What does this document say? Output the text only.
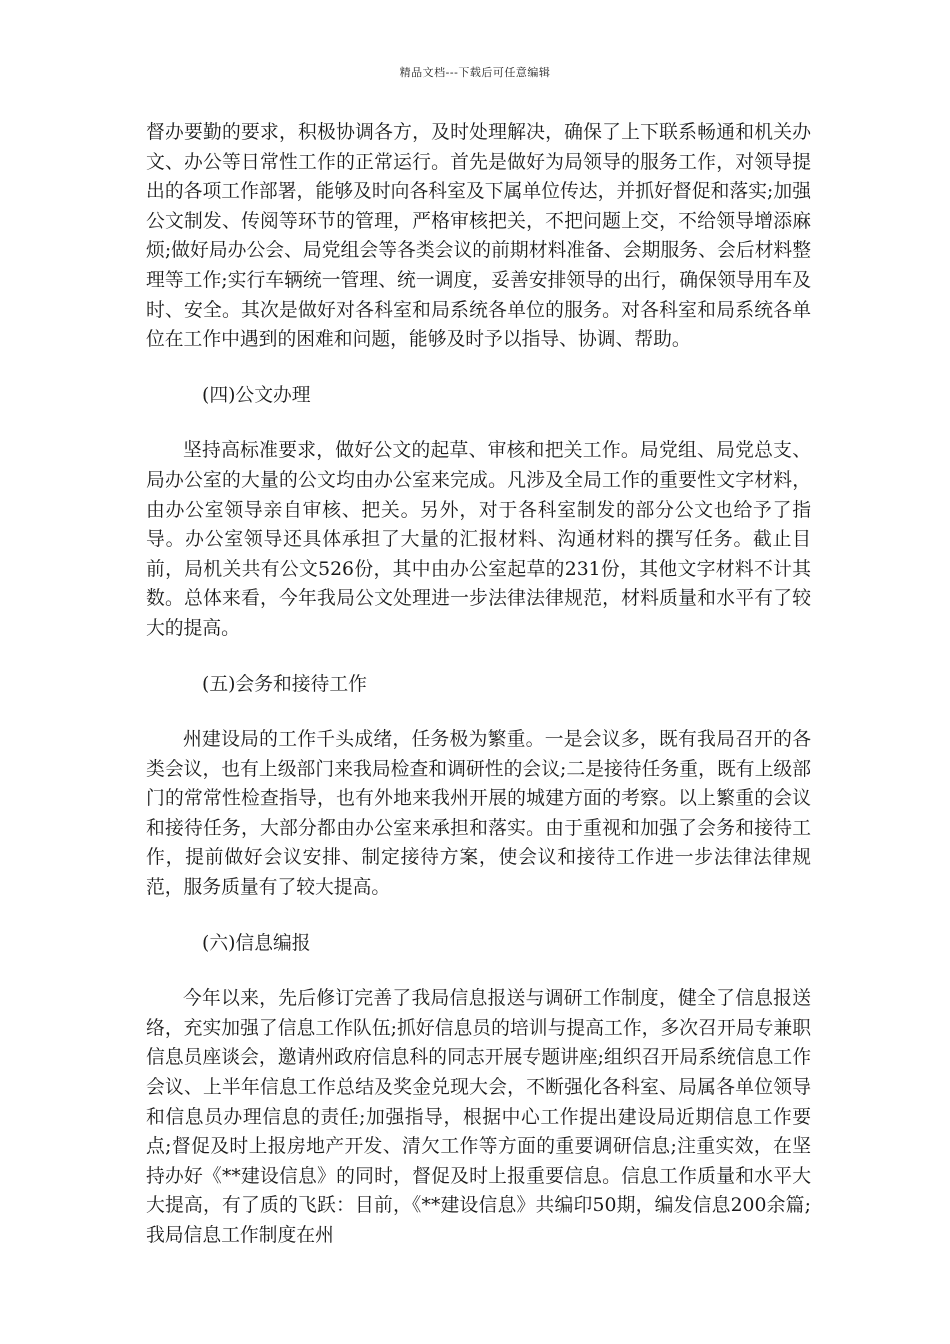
精品文档---下载后可任意编辑

督办要勤的要求，积极协调各方，及时处理解决，确保了上下联系畅通和机关办文、办公等日常性工作的正常运行。首先是做好为局领导的服务工作，对领导提出的各项工作部署，能够及时向各科室及下属单位传达，并抓好督促和落实;加强公文制发、传阅等环节的管理，严格审核把关，不把问题上交，不给领导增添麻烦;做好局办公会、局党组会等各类会议的前期材料准备、会期服务、会后材料整理等工作;实行车辆统一管理、统一调度，妥善安排领导的出行，确保领导用车及时、安全。其次是做好对各科室和局系统各单位的服务。对各科室和局系统各单位在工作中遇到的困难和问题，能够及时予以指导、协调、帮助。

(四)公文办理

坚持高标准要求，做好公文的起草、审核和把关工作。局党组、局党总支、局办公室的大量的公文均由办公室来完成。凡涉及全局工作的重要性文字材料，由办公室领导亲自审核、把关。另外，对于各科室制发的部分公文也给予了指导。办公室领导还具体承担了大量的汇报材料、沟通材料的撰写任务。截止目前，局机关共有公文526份，其中由办公室起草的231份，其他文字材料不计其数。总体来看，今年我局公文处理进一步法律法律规范，材料质量和水平有了较大的提高。

(五)会务和接待工作

州建设局的工作千头成绪，任务极为繁重。一是会议多，既有我局召开的各类会议，也有上级部门来我局检查和调研性的会议;二是接待任务重，既有上级部门的常常性检查指导，也有外地来我州开展的城建方面的考察。以上繁重的会议和接待任务，大部分都由办公室来承担和落实。由于重视和加强了会务和接待工作，提前做好会议安排、制定接待方案，使会议和接待工作进一步法律法律规范，服务质量有了较大提高。

(六)信息编报

今年以来，先后修订完善了我局信息报送与调研工作制度，健全了信息报送络，充实加强了信息工作队伍;抓好信息员的培训与提高工作，多次召开局专兼职信息员座谈会，邀请州政府信息科的同志开展专题讲座;组织召开局系统信息工作会议、上半年信息工作总结及奖金兑现大会，不断强化各科室、局属各单位领导和信息员办理信息的责任;加强指导，根据中心工作提出建设局近期信息工作要点;督促及时上报房地产开发、清欠工作等方面的重要调研信息;注重实效，在坚持办好《**建设信息》的同时，督促及时上报重要信息。信息工作质量和水平大大提高，有了质的飞跃：目前，《**建设信息》共编印50期，编发信息200余篇;我局信息工作制度在州
